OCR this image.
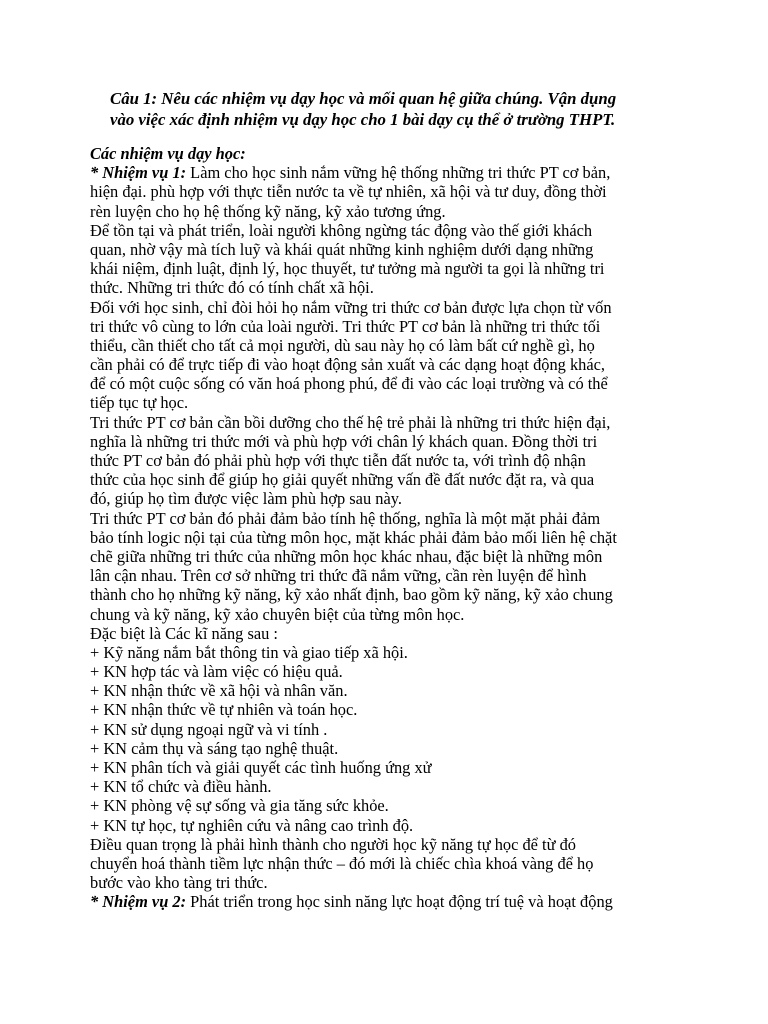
Câu 1: Nêu các nhiệm vụ dạy học và mối quan hệ giữa chúng. Vận dụng
vào việc xác định nhiệm vụ dạy học cho 1 bài dạy cụ thể ở trường THPT.

Các nhiệm vụ dạy học:
* Nhiệm vụ 1: Làm cho học sinh nắm vững hệ thống những tri thức PT cơ bản,
hiện đại. phù hợp với thực tiễn nước ta về tự nhiên, xã hội và tư duy, đồng thời
rèn luyện cho họ hệ thống kỹ năng, kỹ xảo tương ứng.
Để tồn tại và phát triển, loài người không ngừng tác động vào thế giới khách
quan, nhờ vậy mà tích luỹ và khái quát những kinh nghiệm dưới dạng những
khái niệm, định luật, định lý, học thuyết, tư tưởng mà người ta gọi là những tri
thức. Những tri thức đó có tính chất xã hội.
Đối với học sinh, chỉ đòi hỏi họ nắm vững tri thức cơ bản được lựa chọn từ vốn
tri thức vô cùng to lớn của loài người. Tri thức PT cơ bản là những tri thức tối
thiểu, cần thiết cho tất cả mọi người, dù sau này họ có làm bất cứ nghề gì, họ
cần phải có để trực tiếp đi vào hoạt động sản xuất và các dạng hoạt động khác,
để có một cuộc sống có văn hoá phong phú, để đi vào các loại trường và có thể
tiếp tục tự học.
Tri thức PT cơ bản cần bồi dưỡng cho thế hệ trẻ phải là những tri thức hiện đại,
nghĩa là những tri thức mới và phù hợp với chân lý khách quan. Đồng thời tri
thức PT cơ bản đó phải phù hợp với thực tiễn đất nước ta, với trình độ nhận
thức của học sinh để giúp họ giải quyết những vấn đề đất nước đặt ra, và qua
đó, giúp họ tìm được việc làm phù hợp sau này.
Tri thức PT cơ bản đó phải đảm bảo tính hệ thống, nghĩa là một mặt phải đảm
bảo tính logic nội tại của từng môn học, mặt khác phải đảm bảo mối liên hệ chặt
chẽ giữa những tri thức của những môn học khác nhau, đặc biệt là những môn
lân cận nhau. Trên cơ sở những tri thức đã nắm vững, cần rèn luyện để hình
thành cho họ những kỹ năng, kỹ xảo nhất định, bao gồm kỹ năng, kỹ xảo chung
chung và kỹ năng, kỹ xảo chuyên biệt của từng môn học.
Đặc biệt là Các kĩ năng sau :
+ Kỹ năng nắm bắt thông tin và giao tiếp xã hội.
+ KN hợp tác và làm việc có hiệu quả.
+ KN nhận thức về xã hội và nhân văn.
+ KN nhận thức về tự nhiên và toán học.
+ KN sử dụng ngoại ngữ và vi tính .
+ KN cảm thụ và sáng tạo nghệ thuật.
+ KN phân tích và giải quyết các tình huống ứng xử
+ KN tổ chức và điều hành.
+ KN phòng vệ sự sống và gia tăng sức khỏe.
+ KN tự học, tự nghiên cứu và nâng cao trình độ.
Điều quan trọng là phải hình thành cho người học kỹ năng tự học để từ đó
chuyển hoá thành tiềm lực nhận thức – đó mới là chiếc chìa khoá vàng để họ
bước vào kho tàng tri thức.
* Nhiệm vụ 2: Phát triển trong học sinh năng lực hoạt động trí tuệ và hoạt động
